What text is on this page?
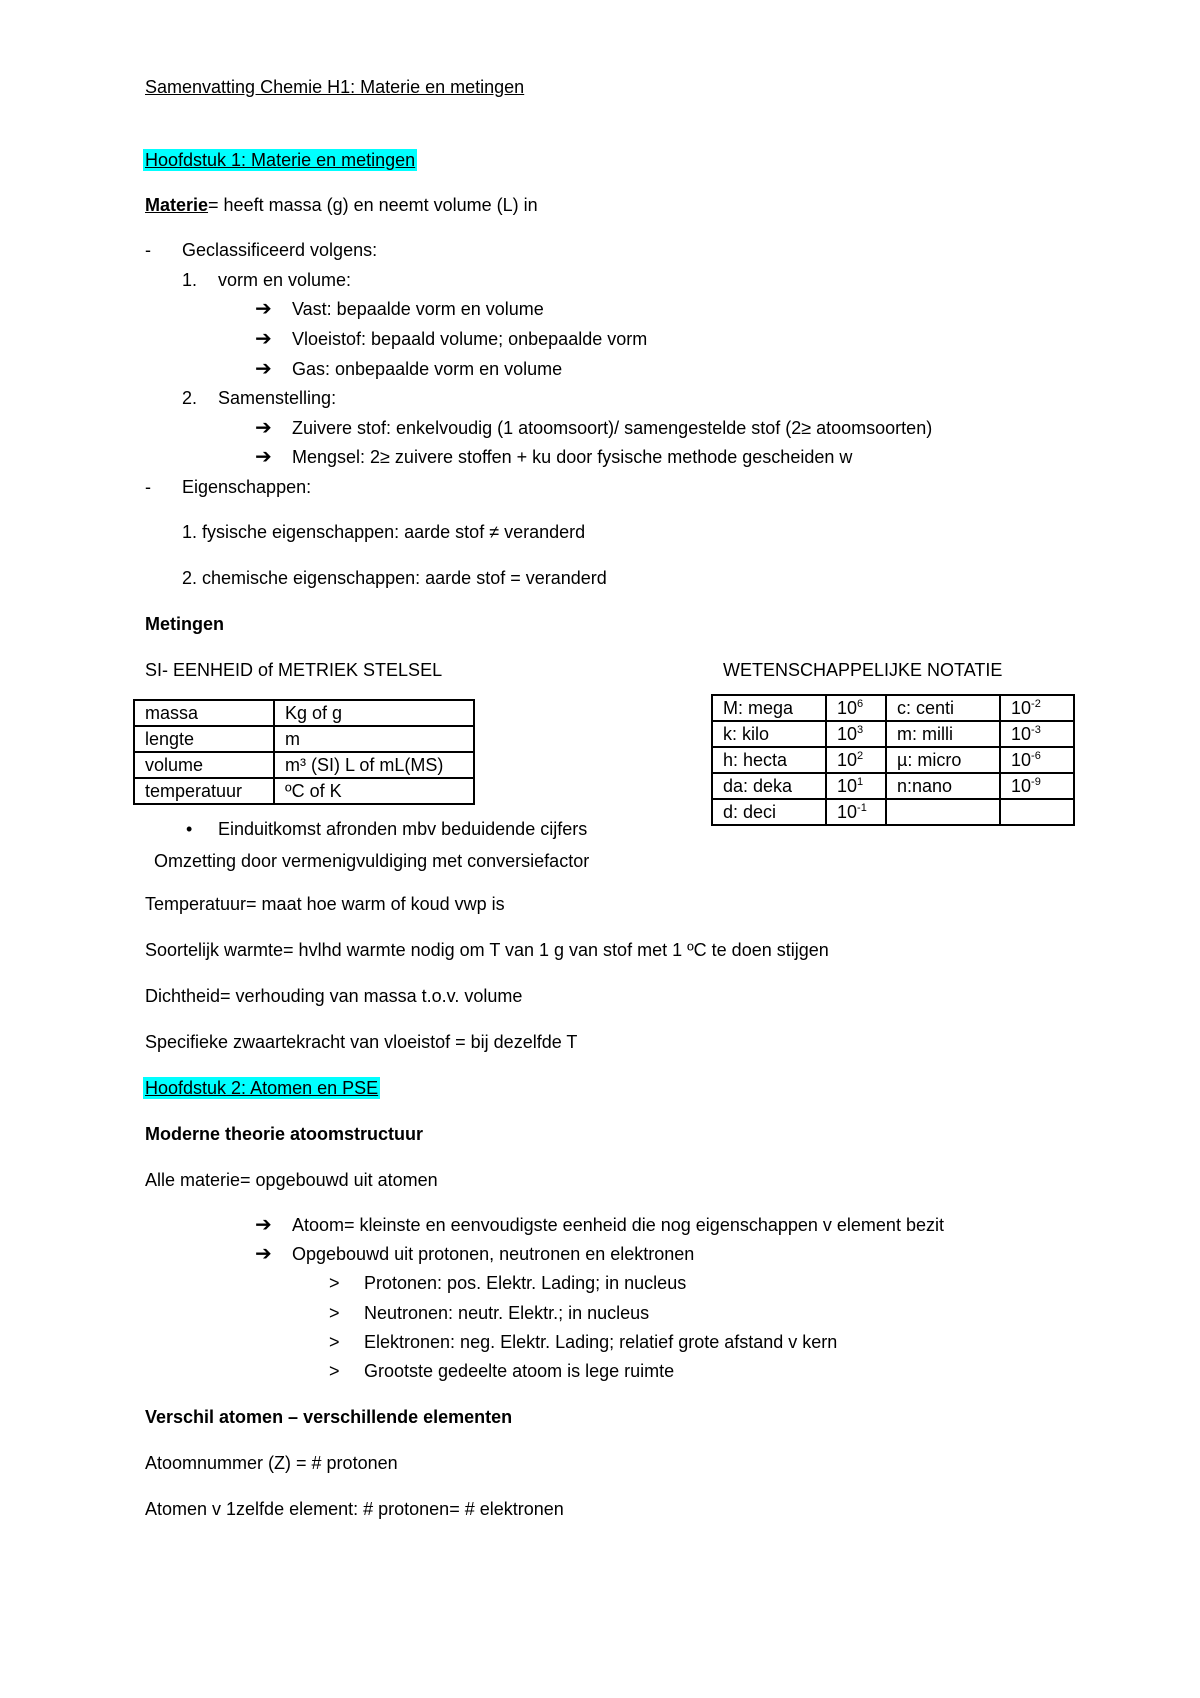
Samenvatting Chemie H1: Materie en metingen
Hoofdstuk 1: Materie en metingen
Materie= heeft massa (g) en neemt volume (L) in
- Geclassificeerd volgens:
1. vorm en volume:
➔ Vast: bepaalde vorm en volume
➔ Vloeistof: bepaald volume; onbepaalde vorm
➔ Gas: onbepaalde vorm en volume
2. Samenstelling:
➔ Zuivere stof: enkelvoudig (1 atoomsoort)/ samengestelde stof (2≥ atoomsoorten)
➔ Mengsel: 2≥ zuivere stoffen + ku door fysische methode gescheiden w
- Eigenschappen:
1. fysische eigenschappen: aarde stof ≠ veranderd
2. chemische eigenschappen: aarde stof = veranderd
Metingen
SI- EENHEID of METRIEK STELSEL	WETENSCHAPPELIJKE NOTATIE
massa	Kg of g
lengte	m
volume	m³ (SI) L of mL(MS)
temperatuur	ºC of K
M: mega	$10^6$	c: centi	$10^{-2}$
k: kilo	$10^3$	m: milli	$10^{-3}$
h: hecta	$10^2$	µ: micro	$10^{-6}$
da: deka	$10^1$	n:nano	$10^{-9}$
d: deci	$10^{-1}$		
• Einduitkomst afronden mbv beduidende cijfers
Omzetting door vermenigvuldiging met conversiefactor
Temperatuur= maat hoe warm of koud vwp is
Soortelijk warmte= hvlhd warmte nodig om T van 1 g van stof met 1 ºC te doen stijgen
Dichtheid= verhouding van massa t.o.v. volume
Specifieke zwaartekracht van vloeistof = bij dezelfde T
Hoofdstuk 2: Atomen en PSE
Moderne theorie atoomstructuur
Alle materie= opgebouwd uit atomen
➔ Atoom= kleinste en eenvoudigste eenheid die nog eigenschappen v element bezit
➔ Opgebouwd uit protonen, neutronen en elektronen
> Protonen: pos. Elektr. Lading; in nucleus
> Neutronen: neutr. Elektr.; in nucleus
> Elektronen: neg. Elektr. Lading; relatief grote afstand v kern
> Grootste gedeelte atoom is lege ruimte
Verschil atomen – verschillende elementen
Atoomnummer (Z) = # protonen
Atomen v 1zelfde element: # protonen= # elektronen
